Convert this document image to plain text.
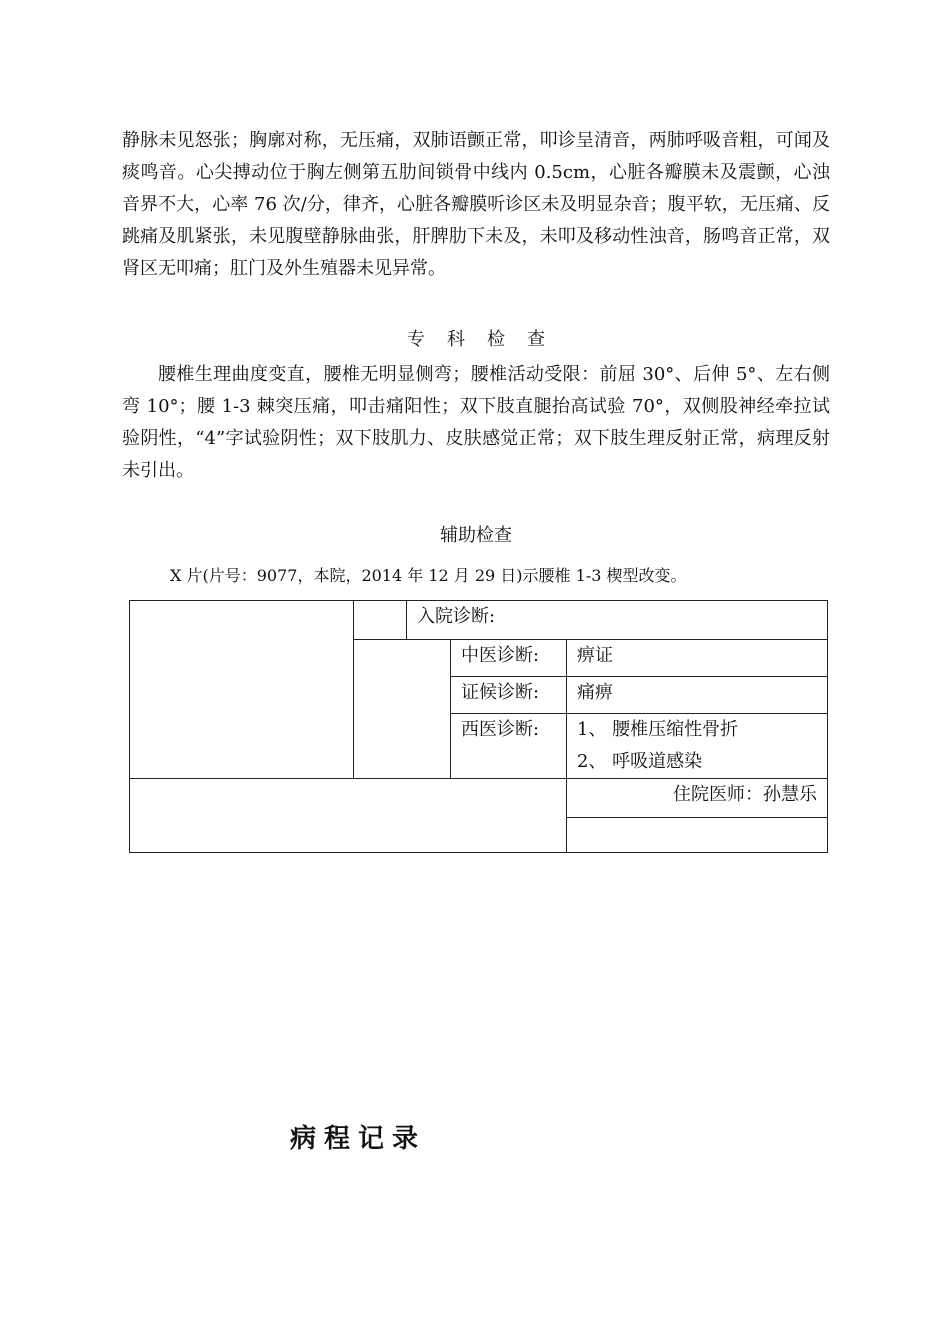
静脉未见怒张；胸廓对称，无压痛，双肺语颤正常，叩诊呈清音，两肺呼吸音粗，可闻及痰鸣音。心尖搏动位于胸左侧第五肋间锁骨中线内 0.5cm，心脏各瓣膜未及震颤，心浊音界不大，心率 76 次/分，律齐，心脏各瓣膜听诊区未及明显杂音；腹平软，无压痛、反跳痛及肌紧张，未见腹壁静脉曲张，肝脾肋下未及，未叩及移动性浊音，肠鸣音正常，双肾区无叩痛；肛门及外生殖器未见异常。
专科检查
腰椎生理曲度变直，腰椎无明显侧弯；腰椎活动受限：前屈 30°、后伸 5°、左右侧弯 10°；腰 1-3 棘突压痛，叩击痛阳性；双下肢直腿抬高试验 70°，双侧股神经牵拉试验阴性，“4”字试验阴性；双下肢肌力、皮肤感觉正常；双下肢生理反射正常，病理反射未引出。
辅助检查
X 片(片号：9077，本院，2014 年 12 月 29 日)示腰椎 1-3 楔型改变。
		入院诊断:		
			中医诊断:	痹证
			证候诊断:	痛痹
			西医诊断:	1、 腰椎压缩性骨折
2、 呼吸道感染

				住院医师：孙慧乐

病程记录
